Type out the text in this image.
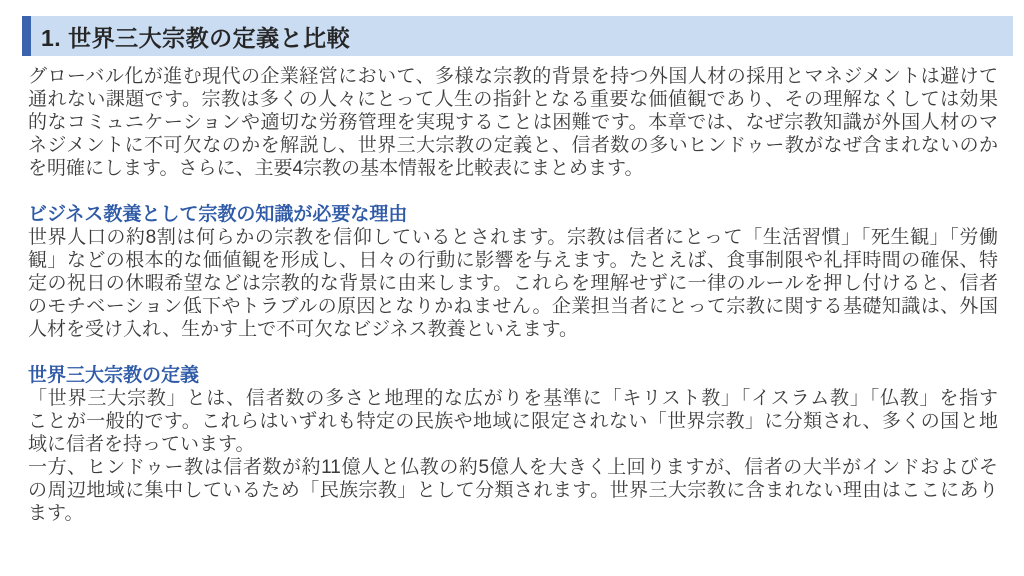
1. 世界三大宗教の定義と比較
グローバル化が進む現代の企業経営において、多様な宗教的背景を持つ外国人材の採用とマネジメントは避けて
通れない課題です。宗教は多くの人々にとって人生の指針となる重要な価値観であり、その理解なくしては効果
的なコミュニケーションや適切な労務管理を実現することは困難です。本章では、なぜ宗教知識が外国人材のマ
ネジメントに不可欠なのかを解説し、世界三大宗教の定義と、信者数の多いヒンドゥー教がなぜ含まれないのか
を明確にします。さらに、主要4宗教の基本情報を比較表にまとめます。
ビジネス教養として宗教の知識が必要な理由
世界人口の約8割は何らかの宗教を信仰しているとされます。宗教は信者にとって「生活習慣」「死生観」「労働
観」などの根本的な価値観を形成し、日々の行動に影響を与えます。たとえば、食事制限や礼拝時間の確保、特
定の祝日の休暇希望などは宗教的な背景に由来します。これらを理解せずに一律のルールを押し付けると、信者
のモチベーション低下やトラブルの原因となりかねません。企業担当者にとって宗教に関する基礎知識は、外国
人材を受け入れ、生かす上で不可欠なビジネス教養といえます。
世界三大宗教の定義
「世界三大宗教」とは、信者数の多さと地理的な広がりを基準に「キリスト教」「イスラム教」「仏教」を指す
ことが一般的です。これらはいずれも特定の民族や地域に限定されない「世界宗教」に分類され、多くの国と地
域に信者を持っています。
一方、ヒンドゥー教は信者数が約11億人と仏教の約5億人を大きく上回りますが、信者の大半がインドおよびそ
の周辺地域に集中しているため「民族宗教」として分類されます。世界三大宗教に含まれない理由はここにあり
ます。
